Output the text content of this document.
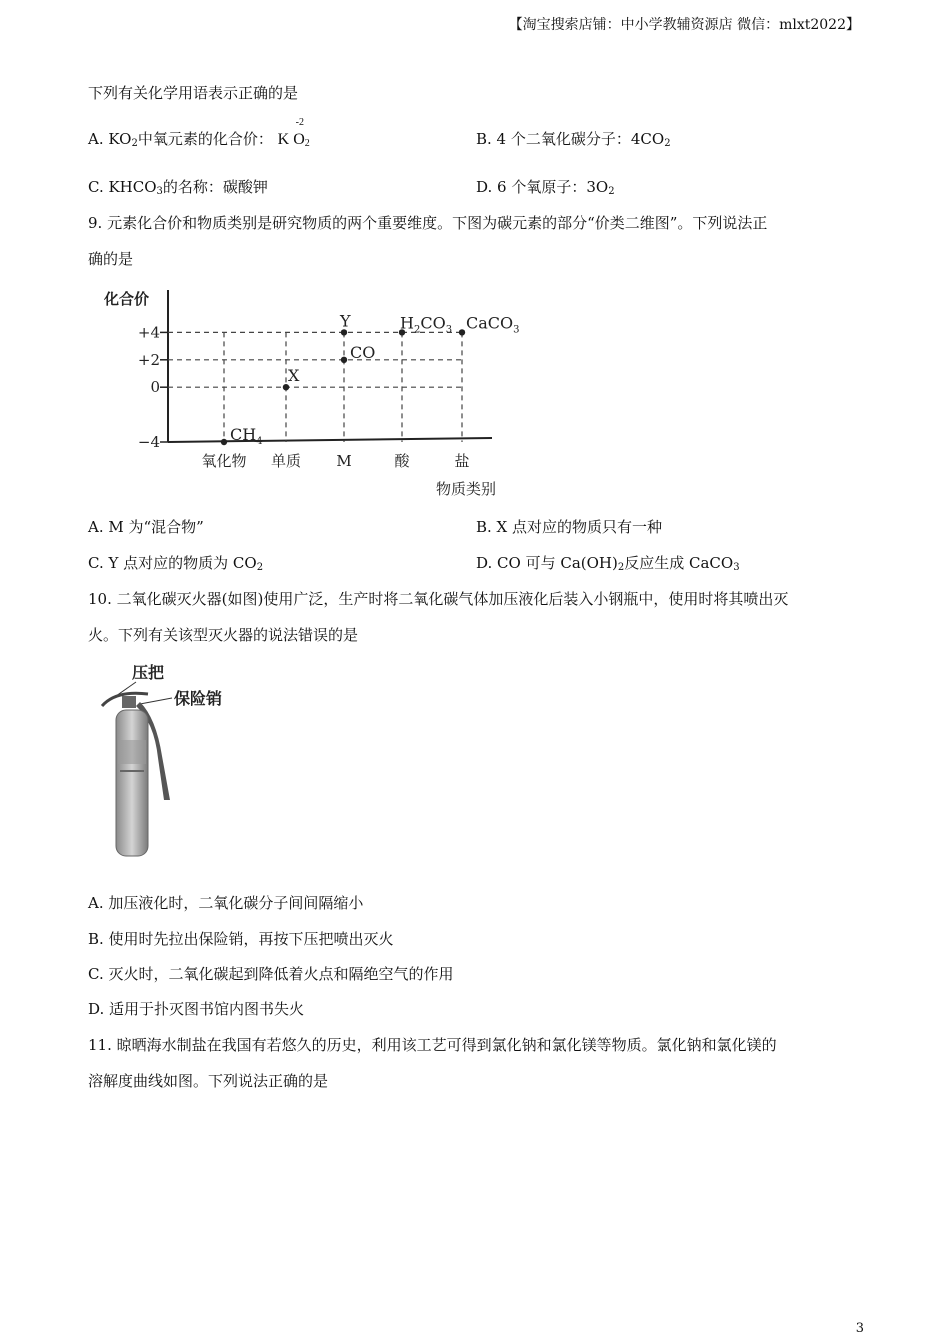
【淘宝搜索店铺：中小学教辅资源店 微信：mlxt2022】
下列有关化学用语表示正确的是
A. $KO_2$中氧元素的化合价： K $O_2$
-2
B. 4 个二氧化碳分子：$4CO_2$
C. $KHCO_3$的名称：碳酸钾	D. 6 个氧原子：$3O_2$
9. 元素化合价和物质类别是研究物质的两个重要维度。下图为碳元素的部分“价类二维图”。下列说法正
确的是
化合价
+4
+2
0
−4
氧化物 单质 M	酸	盐
物质类别
$CH_4$
X
CO
Y	$H_2CO_3$ CaCO$_3$
A. M 为“混合物”	B. X 点对应的物质只有一种
C. Y 点对应的物质为 $CO_2$	D. CO 可与 $Ca(OH)_2$反应生成 CaCO$_3$
10. 二氧化碳灭火器(如图)使用广泛，生产时将二氧化碳气体加压液化后装入小钢瓶中，使用时将其喷出灭
火。下列有关该型灭火器的说法错误的是
压把
保险销
A. 加压液化时，二氧化碳分子间间隔缩小
B. 使用时先拉出保险销，再按下压把喷出灭火
C. 灭火时，二氧化碳起到降低着火点和隔绝空气的作用
D. 适用于扑灭图书馆内图书失火
11. 晾晒海水制盐在我国有若悠久的历史，利用该工艺可得到氯化钠和氯化镁等物质。氯化钠和氯化镁的
溶解度曲线如图。下列说法正确的是
3
